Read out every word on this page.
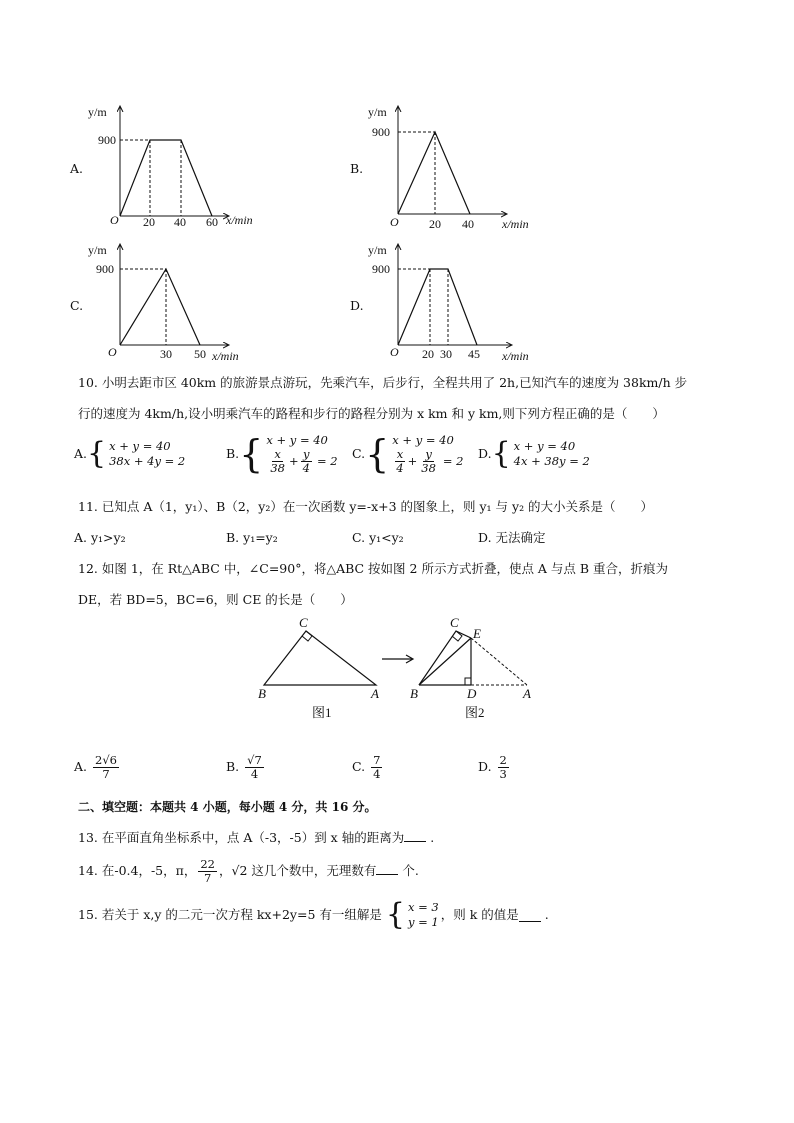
A.
y/m
900
O 20 40 60 x/min
B.
y/m
900
O	20 40 x/min
C.
y/m
900
O	30 50 x/min
D.
y/m
900
O 20 30 45 x/min
10. 小明去距市区 40km 的旅游景点游玩，先乘汽车，后步行，全程共用了 2h,已知汽车的速度为 38km/h 步
行的速度为 4km/h,设小明乘汽车的路程和步行的路程分别为 x km 和 y km,则下列方程正确的是（　　）
A. { x + y = 40
38x + 4y = 2	B. { x + y = 40
$\frac{x}{38} + \frac{y}{4} = 2$ C. { x + y = 40
$\frac{x}{4} + \frac{y}{38} = 2$ D. { x + y = 40
4x + 38y = 2
11. 已知点 A（1，y₁）、B（2，y₂）在一次函数 y=-x+3 的图象上，则 y₁ 与 y₂ 的大小关系是（　　）
A. y₁>y₂	B. y₁=y₂	C. y₁<y₂	D. 无法确定
12. 如图 1，在 Rt△ABC 中，∠C=90°，将△ABC 按如图 2 所示方式折叠，使点 A 与点 B 重合，折痕为
DE，若 BD=5，BC=6，则 CE 的长是（　　）
C
B	A
图1
C
E
B	D	A
图2
A. $\frac{2√6}{7}$	B. $\frac{√7}{4}$	C. $\frac{7}{4}$	D. $\frac{2}{3}$
二、填空题：本题共 4 小题，每小题 4 分，共 16 分。
13. 在平面直角坐标系中，点 A（-3，-5）到 x 轴的距离为 .
14. 在-0.4，-5，π， $\frac{22}{7}$ ，√2 这几个数中，无理数有 个.
15. 若关于 x,y 的二元一次方程 kx+2y=5 有一组解是 { x = 3
y = 1 ，则 k 的值是 .
